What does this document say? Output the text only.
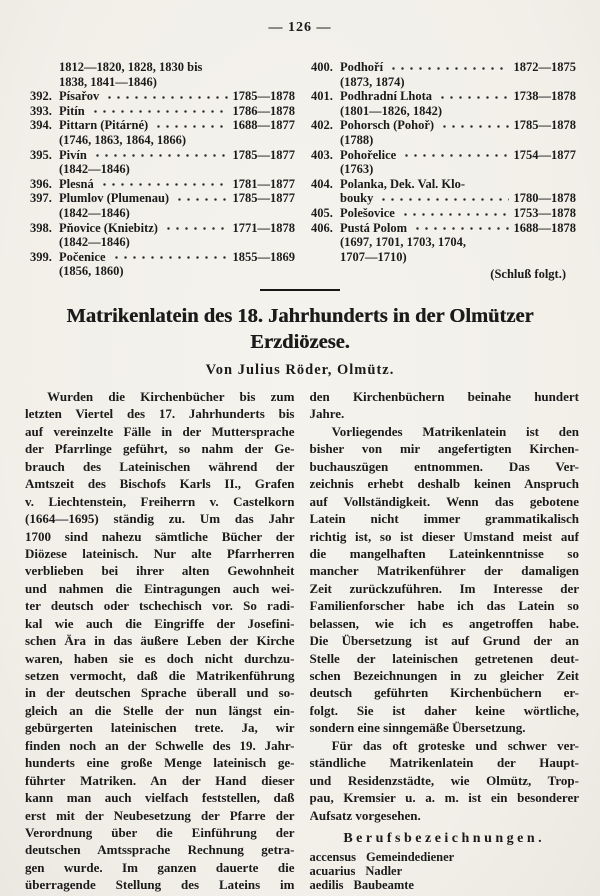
— 126 —
1812—1820, 1828, 1830 bis
1838, 1841—1846)
392. Písařov	1785—1878
393. Pitín	1786—1878
394. Pittarn (Pitárné)	1688—1877
(1746, 1863, 1864, 1866)
395. Pivín	1785—1877
(1842—1846)
396. Plesná	1781—1877
397. Plumlov (Plumenau)	1785—1877
(1842—1846)
398. Pňovice (Kniebitz)	1771—1878
(1842—1846)
399. Počenice	1855—1869
(1856, 1860)
400. Podhoří	1872—1875
(1873, 1874)
401. Podhradní Lhota	1738—1878
(1801—1826, 1842)
402. Pohorsch (Pohoř)	1785—1878
(1788)
403. Pohořelice	1754—1877
(1763)
404. Polanka, Dek. Val. Klo-
bouky	1780—1878
405. Polešovice	1753—1878
406. Pustá Polom	1688—1878
(1697, 1701, 1703, 1704,
1707—1710)
(Schluß folgt.)
Matrikenlatein des 18. Jahrhunderts in der Olmützer
Erzdiözese.
Von Julius Röder, Olmütz.
Wurden die Kirchenbücher bis zum
letzten Viertel des 17. Jahrhunderts bis
auf vereinzelte Fälle in der Muttersprache
der Pfarrlinge geführt, so nahm der Ge-
brauch des Lateinischen während der
Amtszeit des Bischofs Karls II., Grafen
v. Liechtenstein, Freiherrn v. Castelkorn
(1664—1695) ständig zu. Um das Jahr
1700 sind nahezu sämtliche Bücher der
Diözese lateinisch. Nur alte Pfarrherren
verblieben bei ihrer alten Gewohnheit
und nahmen die Eintragungen auch wei-
ter deutsch oder tschechisch vor. So radi-
kal wie auch die Eingriffe der Josefini-
schen Ära in das äußere Leben der Kirche
waren, haben sie es doch nicht durchzu-
setzen vermocht, daß die Matrikenführung
in der deutschen Sprache überall und so-
gleich an die Stelle der nun längst ein-
gebürgerten lateinischen trete. Ja, wir
finden noch an der Schwelle des 19. Jahr-
hunderts eine große Menge lateinisch ge-
führter Matriken. An der Hand dieser
kann man auch vielfach feststellen, daß
erst mit der Neubesetzung der Pfarre der
Verordnung über die Einführung der
deutschen Amtssprache Rechnung getra-
gen wurde. Im ganzen dauerte die
überragende Stellung des Lateins im
den Kirchenbüchern beinahe hundert
Jahre.
Vorliegendes Matrikenlatein ist den
bisher von mir angefertigten Kirchen-
buchauszügen entnommen. Das Ver-
zeichnis erhebt deshalb keinen Anspruch
auf Vollständigkeit. Wenn das gebotene
Latein nicht immer grammatikalisch
richtig ist, so ist dieser Umstand meist auf
die mangelhaften Lateinkenntnisse so
mancher Matrikenführer der damaligen
Zeit zurückzuführen. Im Interesse der
Familienforscher habe ich das Latein so
belassen, wie ich es angetroffen habe.
Die Übersetzung ist auf Grund der an
Stelle der lateinischen getretenen deut-
schen Bezeichnungen in zu gleicher Zeit
deutsch geführten Kirchenbüchern er-
folgt. Sie ist daher keine wörtliche,
sondern eine sinngemäße Übersetzung.
Für das oft groteske und schwer ver-
ständliche Matrikenlatein der Haupt-
und Residenzstädte, wie Olmütz, Trop-
pau, Kremsier u. a. m. ist ein besonderer
Aufsatz vorgesehen.
Berufsbezeichnungen.
accensus Gemeindediener
acuarius Nadler
aedilis Baubeamte
